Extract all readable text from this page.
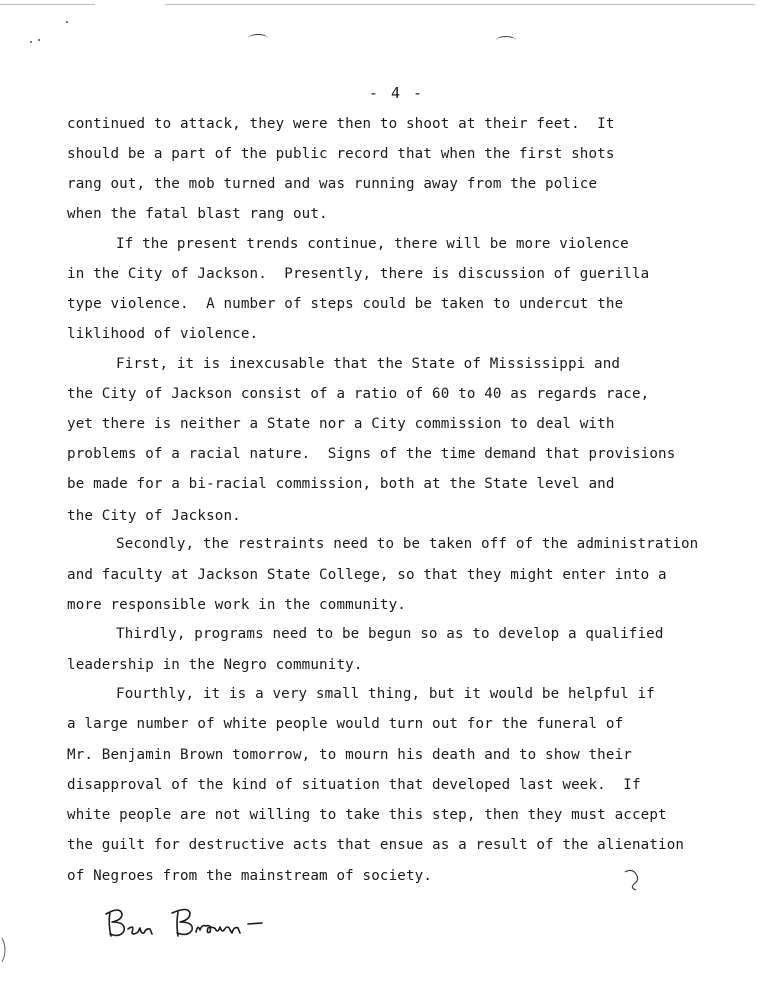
- 4 -
continued to attack, they were then to shoot at their feet.  It
should be a part of the public record that when the first shots
rang out, the mob turned and was running away from the police
when the fatal blast rang out.
If the present trends continue, there will be more violence
in the City of Jackson.  Presently, there is discussion of guerilla
type violence.  A number of steps could be taken to undercut the
liklihood of violence.
First, it is inexcusable that the State of Mississippi and
the City of Jackson consist of a ratio of 60 to 40 as regards race,
yet there is neither a State nor a City commission to deal with
problems of a racial nature.  Signs of the time demand that provisions
be made for a bi-racial commission, both at the State level and
the City of Jackson.
Secondly, the restraints need to be taken off of the administration
and faculty at Jackson State College, so that they might enter into a
more responsible work in the community.
Thirdly, programs need to be begun so as to develop a qualified
leadership in the Negro community.
Fourthly, it is a very small thing, but it would be helpful if
a large number of white people would turn out for the funeral of
Mr. Benjamin Brown tomorrow, to mourn his death and to show their
disapproval of the kind of situation that developed last week.  If
white people are not willing to take this step, then they must accept
the guilt for destructive acts that ensue as a result of the alienation
of Negroes from the mainstream of society.
